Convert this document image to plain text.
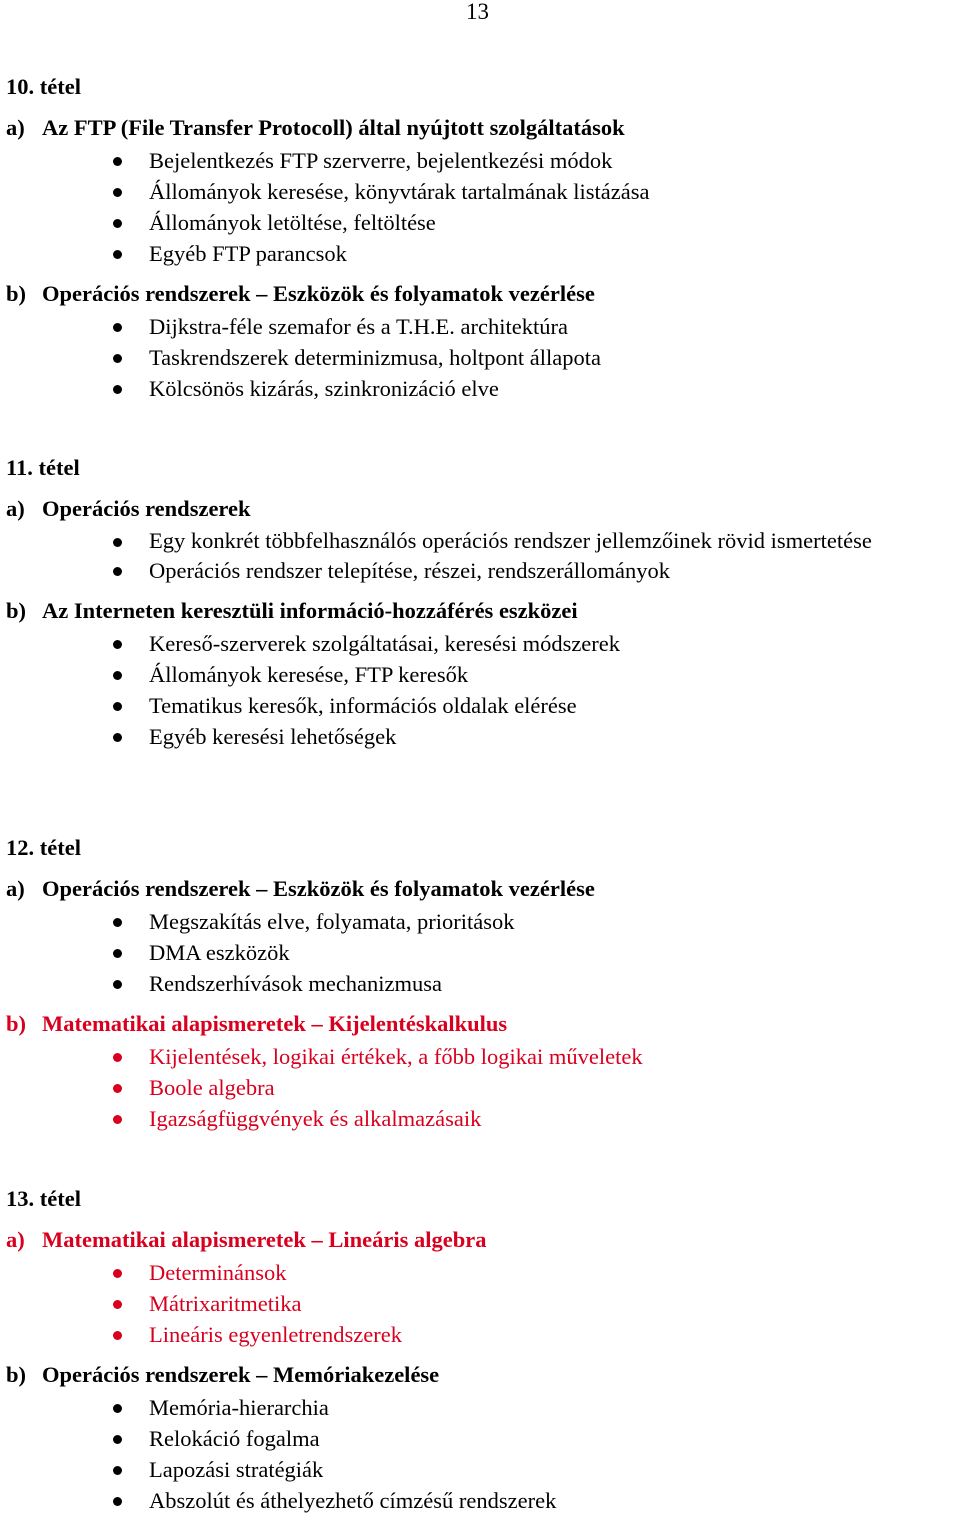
13
10. tétel
a) Az FTP (File Transfer Protocoll) által nyújtott szolgáltatások
Bejelentkezés FTP szerverre, bejelentkezési módok
Állományok keresése, könyvtárak tartalmának listázása
Állományok letöltése, feltöltése
Egyéb FTP parancsok
b) Operációs rendszerek – Eszközök és folyamatok vezérlése
Dijkstra-féle szemafor és a T.H.E. architektúra
Taskrendszerek determinizmusa, holtpont állapota
Kölcsönös kizárás, szinkronizáció elve
11. tétel
a) Operációs rendszerek
Egy konkrét többfelhasználós operációs rendszer jellemzőinek rövid ismertetése
Operációs rendszer telepítése, részei, rendszerállományok
b) Az Interneten keresztüli információ-hozzáférés eszközei
Kereső-szerverek szolgáltatásai, keresési módszerek
Állományok keresése, FTP keresők
Tematikus keresők, információs oldalak elérése
Egyéb keresési lehetőségek
12. tétel
a) Operációs rendszerek – Eszközök és folyamatok vezérlése
Megszakítás elve, folyamata, prioritások
DMA eszközök
Rendszerhívások mechanizmusa
b) Matematikai alapismeretek – Kijelentéskalkulus
Kijelentések, logikai értékek, a főbb logikai műveletek
Boole algebra
Igazságfüggvények és alkalmazásaik
13. tétel
a) Matematikai alapismeretek – Lineáris algebra
Determinánsok
Mátrixaritmetika
Lineáris egyenletrendszerek
b) Operációs rendszerek – Memóriakezelése
Memória-hierarchia
Relokáció fogalma
Lapozási stratégiák
Abszolút és áthelyezhető címzésű rendszerek
